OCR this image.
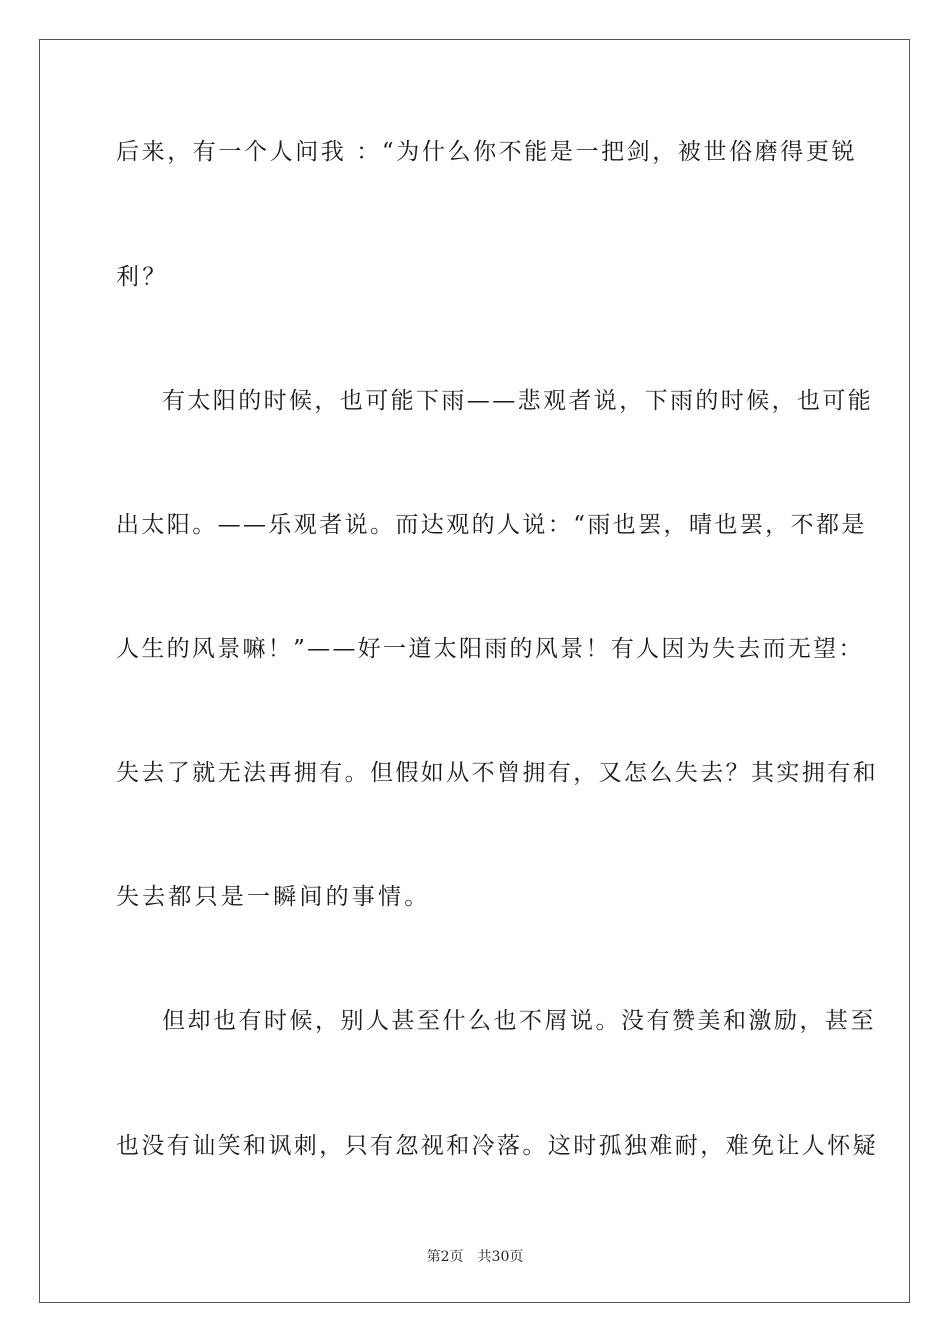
后来，有一个人问我 ：“为什么你不能是一把剑，被世俗磨得更锐
利？
有太阳的时候，也可能下雨——悲观者说，下雨的时候，也可能
出太阳。——乐观者说。而达观的人说：“雨也罢，晴也罢，不都是
人生的风景嘛！”——好一道太阳雨的风景！有人因为失去而无望：
失去了就无法再拥有。但假如从不曾拥有，又怎么失去？其实拥有和
失去都只是一瞬间的事情。
但却也有时候，别人甚至什么也不屑说。没有赞美和激励，甚至
也没有讪笑和讽刺，只有忽视和冷落。这时孤独难耐，难免让人怀疑
第2页 共30页
